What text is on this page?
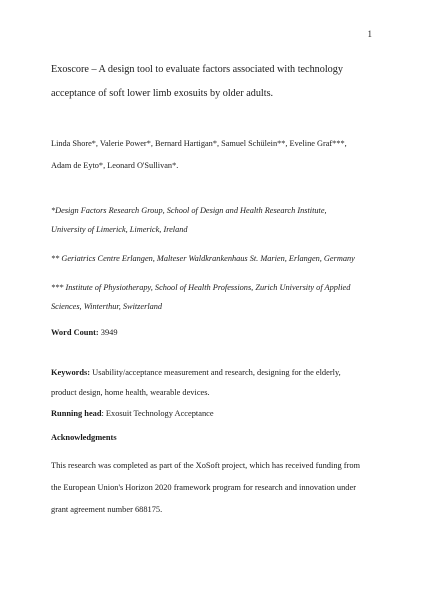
1
Exoscore – A design tool to evaluate factors associated with technology
acceptance of soft lower limb exosuits by older adults.
Linda Shore*, Valerie Power*, Bernard Hartigan*, Samuel Schülein**, Eveline Graf***,
Adam de Eyto*, Leonard O'Sullivan*.
*Design Factors Research Group, School of Design and Health Research Institute,
University of Limerick, Limerick, Ireland
** Geriatrics Centre Erlangen, Malteser Waldkrankenhaus St. Marien, Erlangen, Germany
*** Institute of Physiotherapy, School of Health Professions, Zurich University of Applied
Sciences, Winterthur, Switzerland
Word Count: 3949
Keywords: Usability/acceptance measurement and research, designing for the elderly,
product design, home health, wearable devices.
Running head: Exosuit Technology Acceptance
Acknowledgments
This research was completed as part of the XoSoft project, which has received funding from
the European Union's Horizon 2020 framework program for research and innovation under
grant agreement number 688175.
